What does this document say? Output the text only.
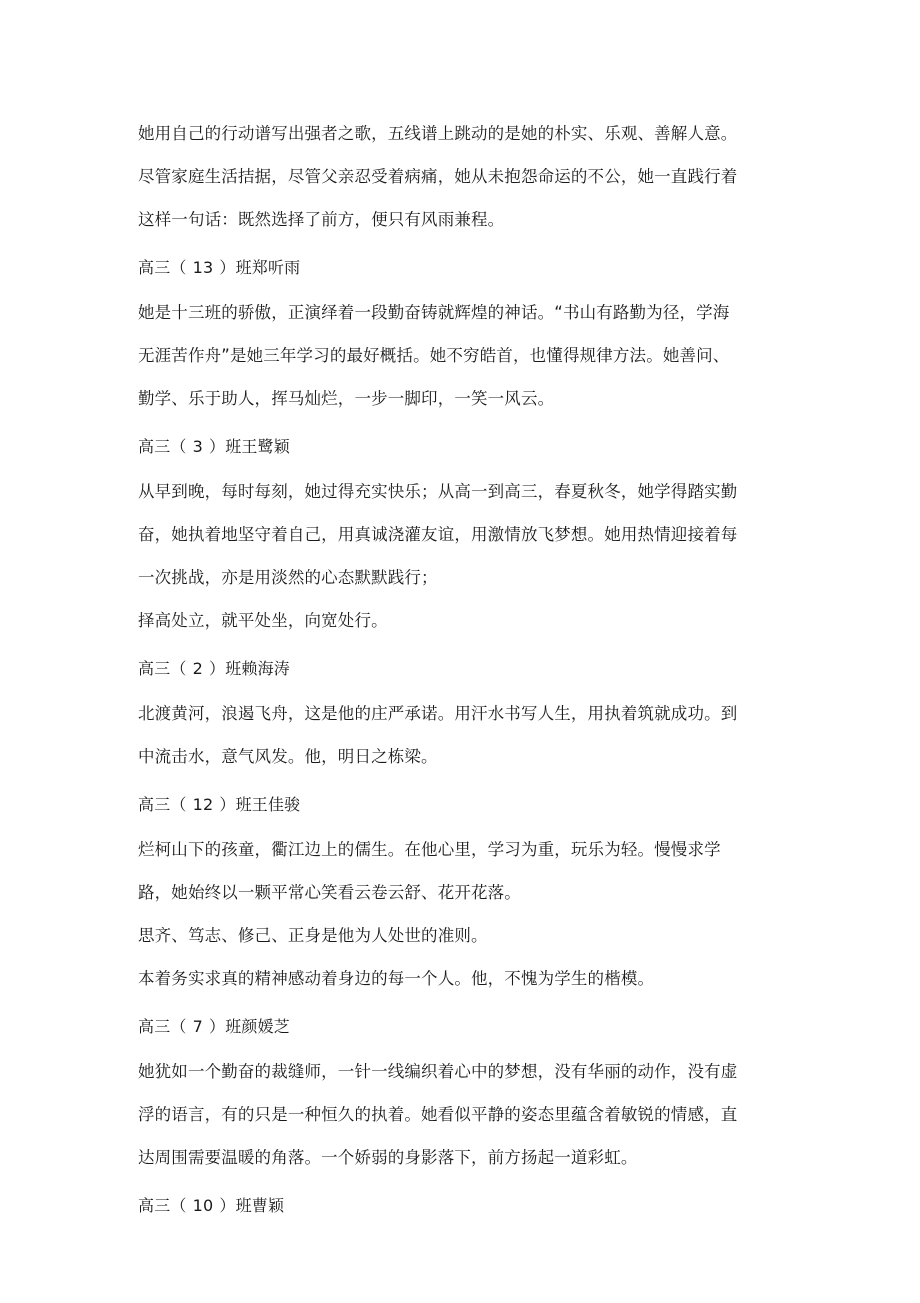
她用自己的行动谱写出强者之歌，五线谱上跳动的是她的朴实、乐观、善解人意。尽管家庭生活拮据，尽管父亲忍受着病痛，她从未抱怨命运的不公，她一直践行着这样一句话：既然选择了前方，便只有风雨兼程。

高三（ 13 ）班郑听雨

她是十三班的骄傲，正演绎着一段勤奋铸就辉煌的神话。“书山有路勤为径，学海无涯苦作舟”是她三年学习的最好概括。她不穷皓首，也懂得规律方法。她善问、勤学、乐于助人，挥马灿烂，一步一脚印，一笑一风云。

高三（ 3 ）班王鹭颖

从早到晚，每时每刻，她过得充实快乐；从高一到高三，春夏秋冬，她学得踏实勤奋，她执着地坚守着自己，用真诚浇灌友谊，用激情放飞梦想。她用热情迎接着每一次挑战，亦是用淡然的心态默默践行；

择高处立，就平处坐，向宽处行。

高三（ 2 ）班赖海涛

北渡黄河，浪遏飞舟，这是他的庄严承诺。用汗水书写人生，用执着筑就成功。到中流击水，意气风发。他，明日之栋梁。

高三（ 12 ）班王佳骏

烂柯山下的孩童，衢江边上的儒生。在他心里，学习为重，玩乐为轻。慢慢求学路，她始终以一颗平常心笑看云卷云舒、花开花落。

思齐、笃志、修己、正身是他为人处世的准则。

本着务实求真的精神感动着身边的每一个人。他，不愧为学生的楷模。

高三（ 7 ）班颜媛芝

她犹如一个勤奋的裁缝师，一针一线编织着心中的梦想，没有华丽的动作，没有虚浮的语言，有的只是一种恒久的执着。她看似平静的姿态里蕴含着敏锐的情感，直达周围需要温暖的角落。一个娇弱的身影落下，前方扬起一道彩虹。

高三（ 10 ）班曹颖
